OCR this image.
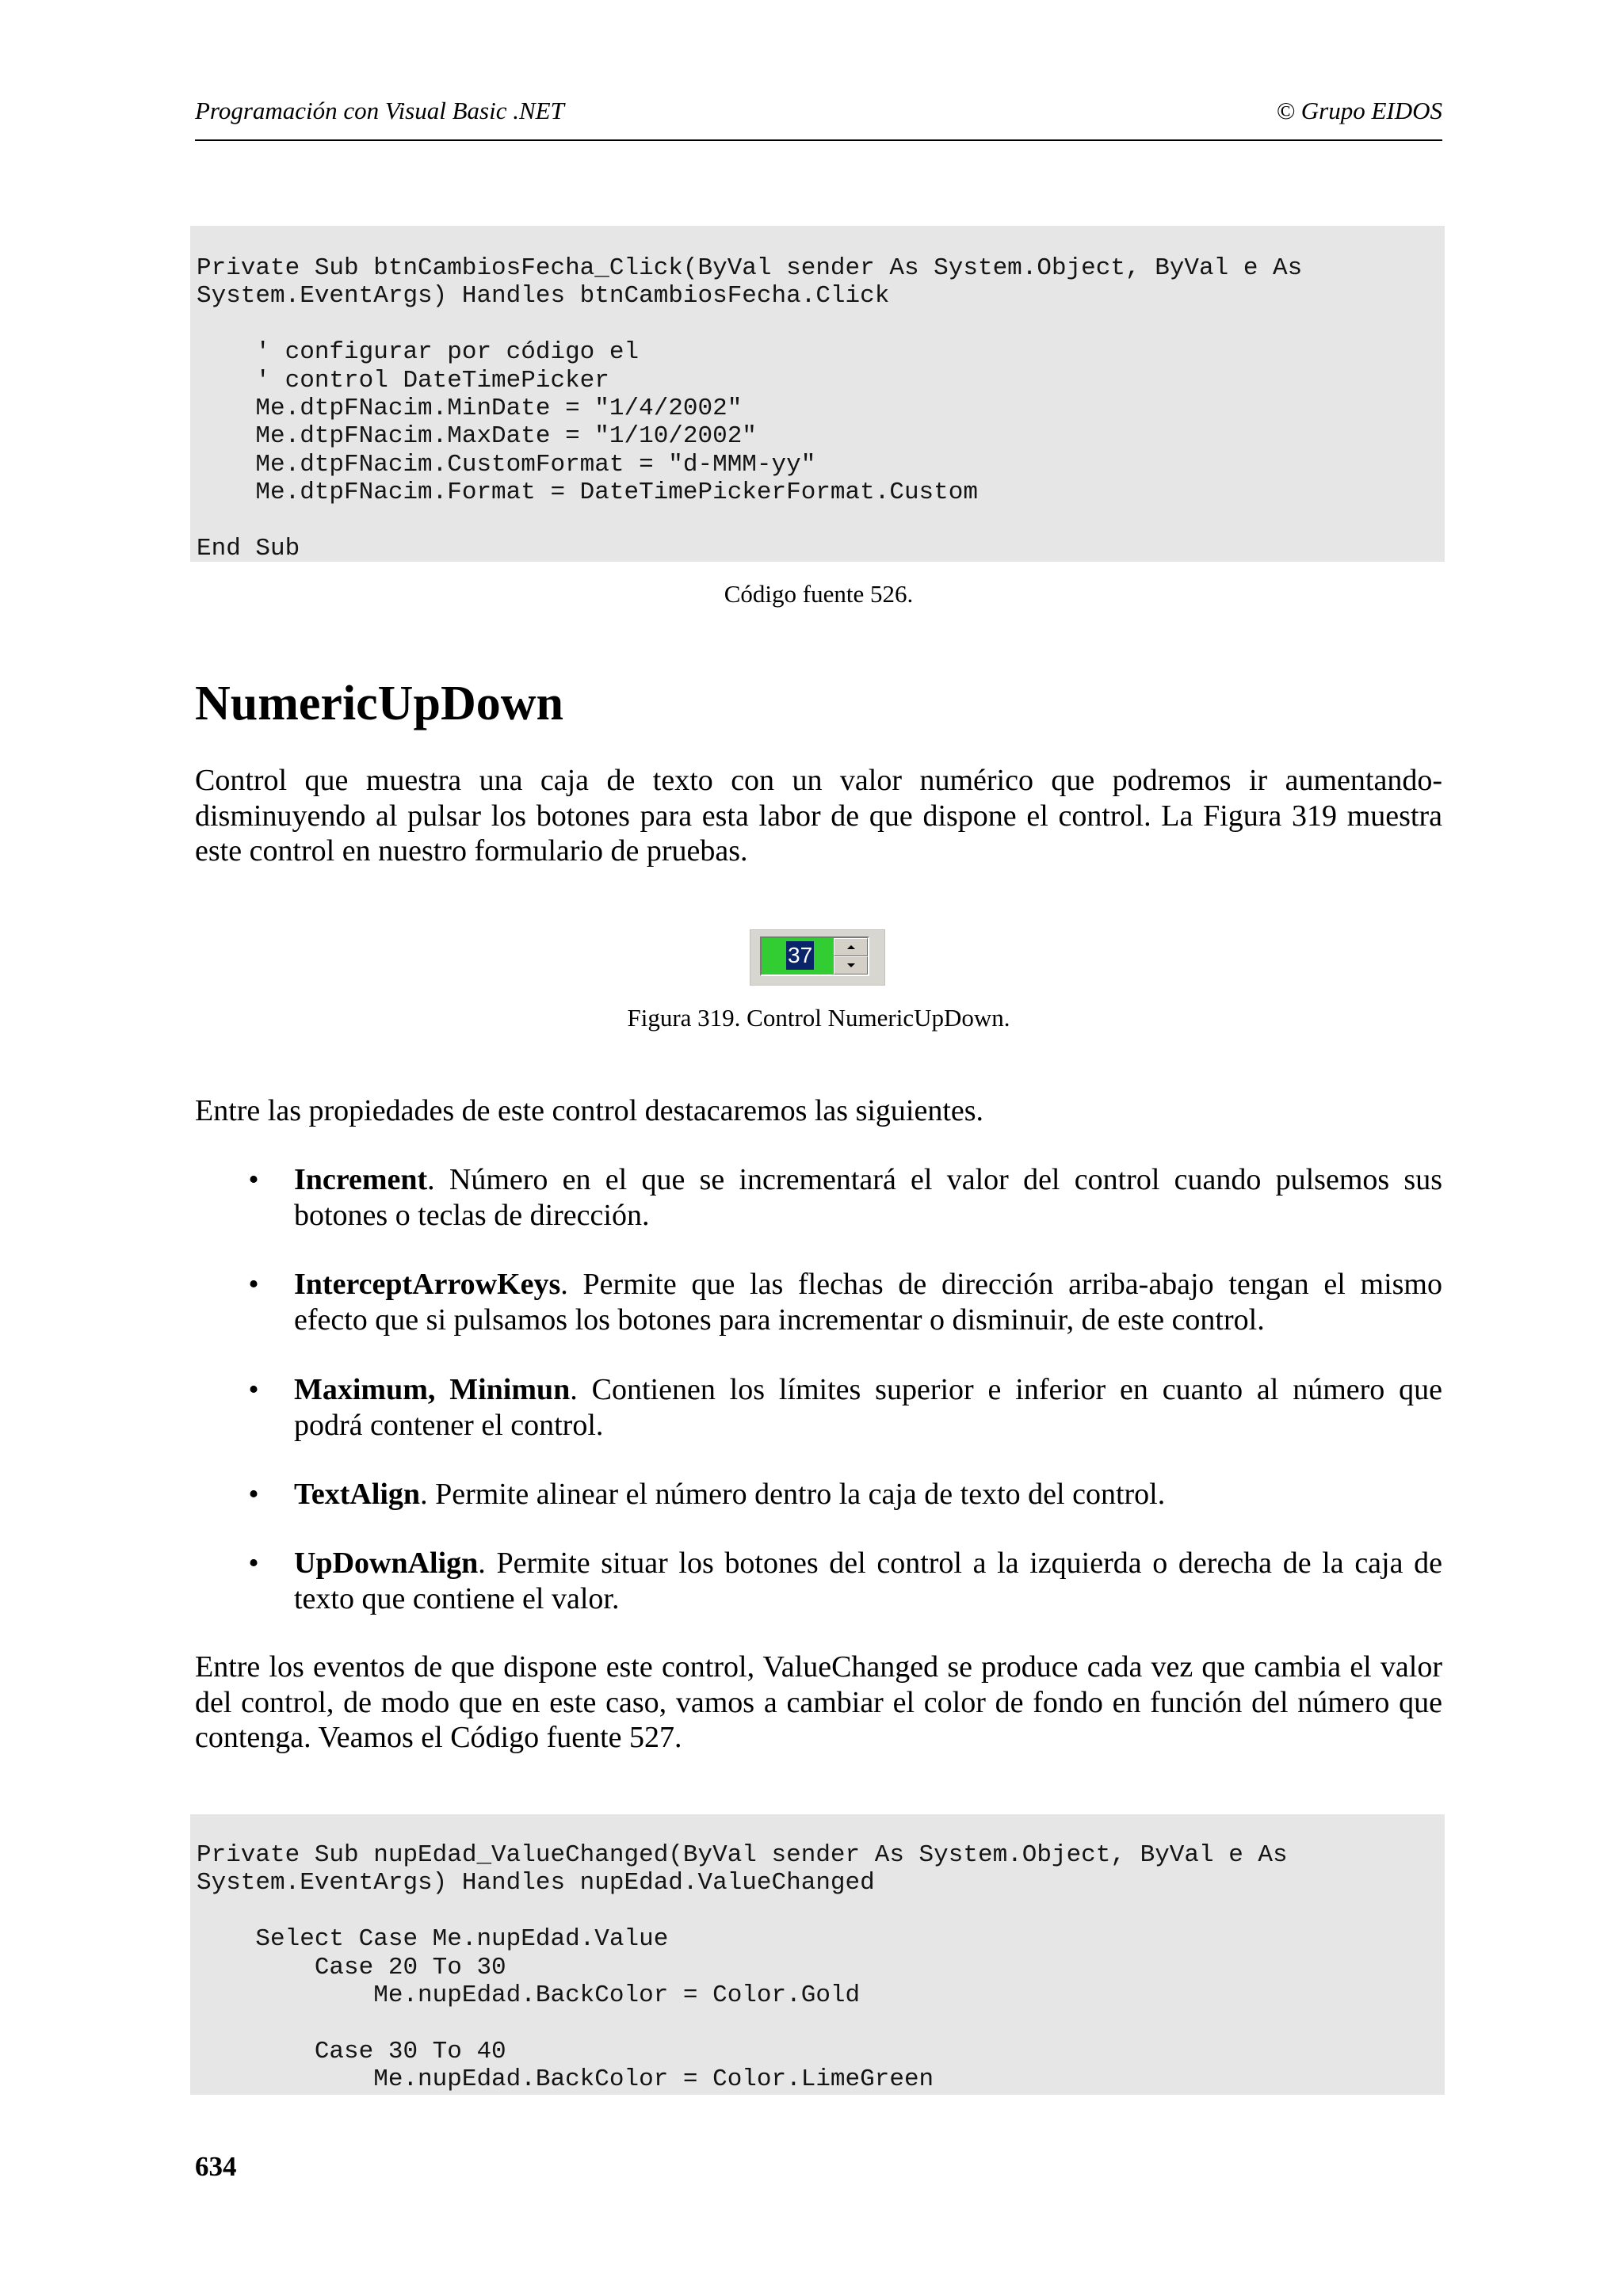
Programación con Visual Basic .NET	© Grupo EIDOS
Private Sub btnCambiosFecha_Click(ByVal sender As System.Object, ByVal e As
System.EventArgs) Handles btnCambiosFecha.Click

' configurar por código el
' control DateTimePicker
Me.dtpFNacim.MinDate = "1/4/2002"
Me.dtpFNacim.MaxDate = "1/10/2002"
Me.dtpFNacim.CustomFormat = "d-MMM-yy"
Me.dtpFNacim.Format = DateTimePickerFormat.Custom

End Sub
Código fuente 526.
NumericUpDown
Control que muestra una caja de texto con un valor numérico que podremos ir aumentando-
disminuyendo al pulsar los botones para esta labor de que dispone el control. La Figura 319 muestra
este control en nuestro formulario de pruebas.
37
Figura 319. Control NumericUpDown.
Entre las propiedades de este control destacaremos las siguientes.
•
Increment. Número en el que se incrementará el valor del control cuando pulsemos sus
botones o teclas de dirección.
•
InterceptArrowKeys. Permite que las flechas de dirección arriba-abajo tengan el mismo
efecto que si pulsamos los botones para incrementar o disminuir, de este control.
•
Maximum, Minimun. Contienen los límites superior e inferior en cuanto al número que
podrá contener el control.
•
TextAlign. Permite alinear el número dentro la caja de texto del control.
•
UpDownAlign. Permite situar los botones del control a la izquierda o derecha de la caja de
texto que contiene el valor.
Entre los eventos de que dispone este control, ValueChanged se produce cada vez que cambia el valor
del control, de modo que en este caso, vamos a cambiar el color de fondo en función del número que
contenga. Veamos el Código fuente 527.
Private Sub nupEdad_ValueChanged(ByVal sender As System.Object, ByVal e As
System.EventArgs) Handles nupEdad.ValueChanged

Select Case Me.nupEdad.Value
Case 20 To 30
Me.nupEdad.BackColor = Color.Gold

Case 30 To 40
Me.nupEdad.BackColor = Color.LimeGreen
634
